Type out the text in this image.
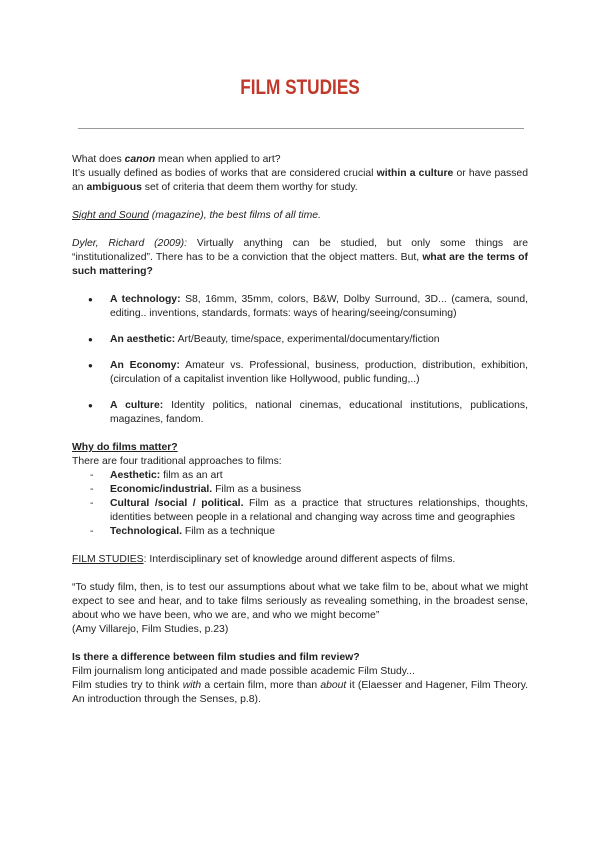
FILM STUDIES

What does canon mean when applied to art?

It’s usually defined as bodies of works that are considered crucial within a culture or have passed an ambiguous set of criteria that deem them worthy for study.

Sight and Sound (magazine), the best films of all time.

Dyler, Richard (2009): Virtually anything can be studied, but only some things are “institutionalized”. There has to be a conviction that the object matters. But, what are the terms of such mattering?

● A technology: S8, 16mm, 35mm, colors, B&W, Dolby Surround, 3D... (camera, sound, editing.. inventions, standards, formats: ways of hearing/seeing/consuming)
● An aesthetic: Art/Beauty, time/space, experimental/documentary/fiction
● An Economy: Amateur vs. Professional, business, production, distribution, exhibition, (circulation of a capitalist invention like Hollywood, public funding,..)
● A culture: Identity politics, national cinemas, educational institutions, publications, magazines, fandom.

Why do films matter?

There are four traditional approaches to films:

- Aesthetic: film as an art
- Economic/industrial. Film as a business
- Cultural /social / political. Film as a practice that structures relationships, thoughts, identities between people in a relational and changing way across time and geographies
- Technological. Film as a technique

FILM STUDIES: Interdisciplinary set of knowledge around different aspects of films.

“To study film, then, is to test our assumptions about what we take film to be, about what we might expect to see and hear, and to take films seriously as revealing something, in the broadest sense, about who we have been, who we are, and who we might become”

(Amy Villarejo, Film Studies, p.23)

Is there a difference between film studies and film review?

Film journalism long anticipated and made possible academic Film Study...

Film studies try to think with a certain film, more than about it (Elaesser and Hagener, Film Theory. An introduction through the Senses, p.8).
